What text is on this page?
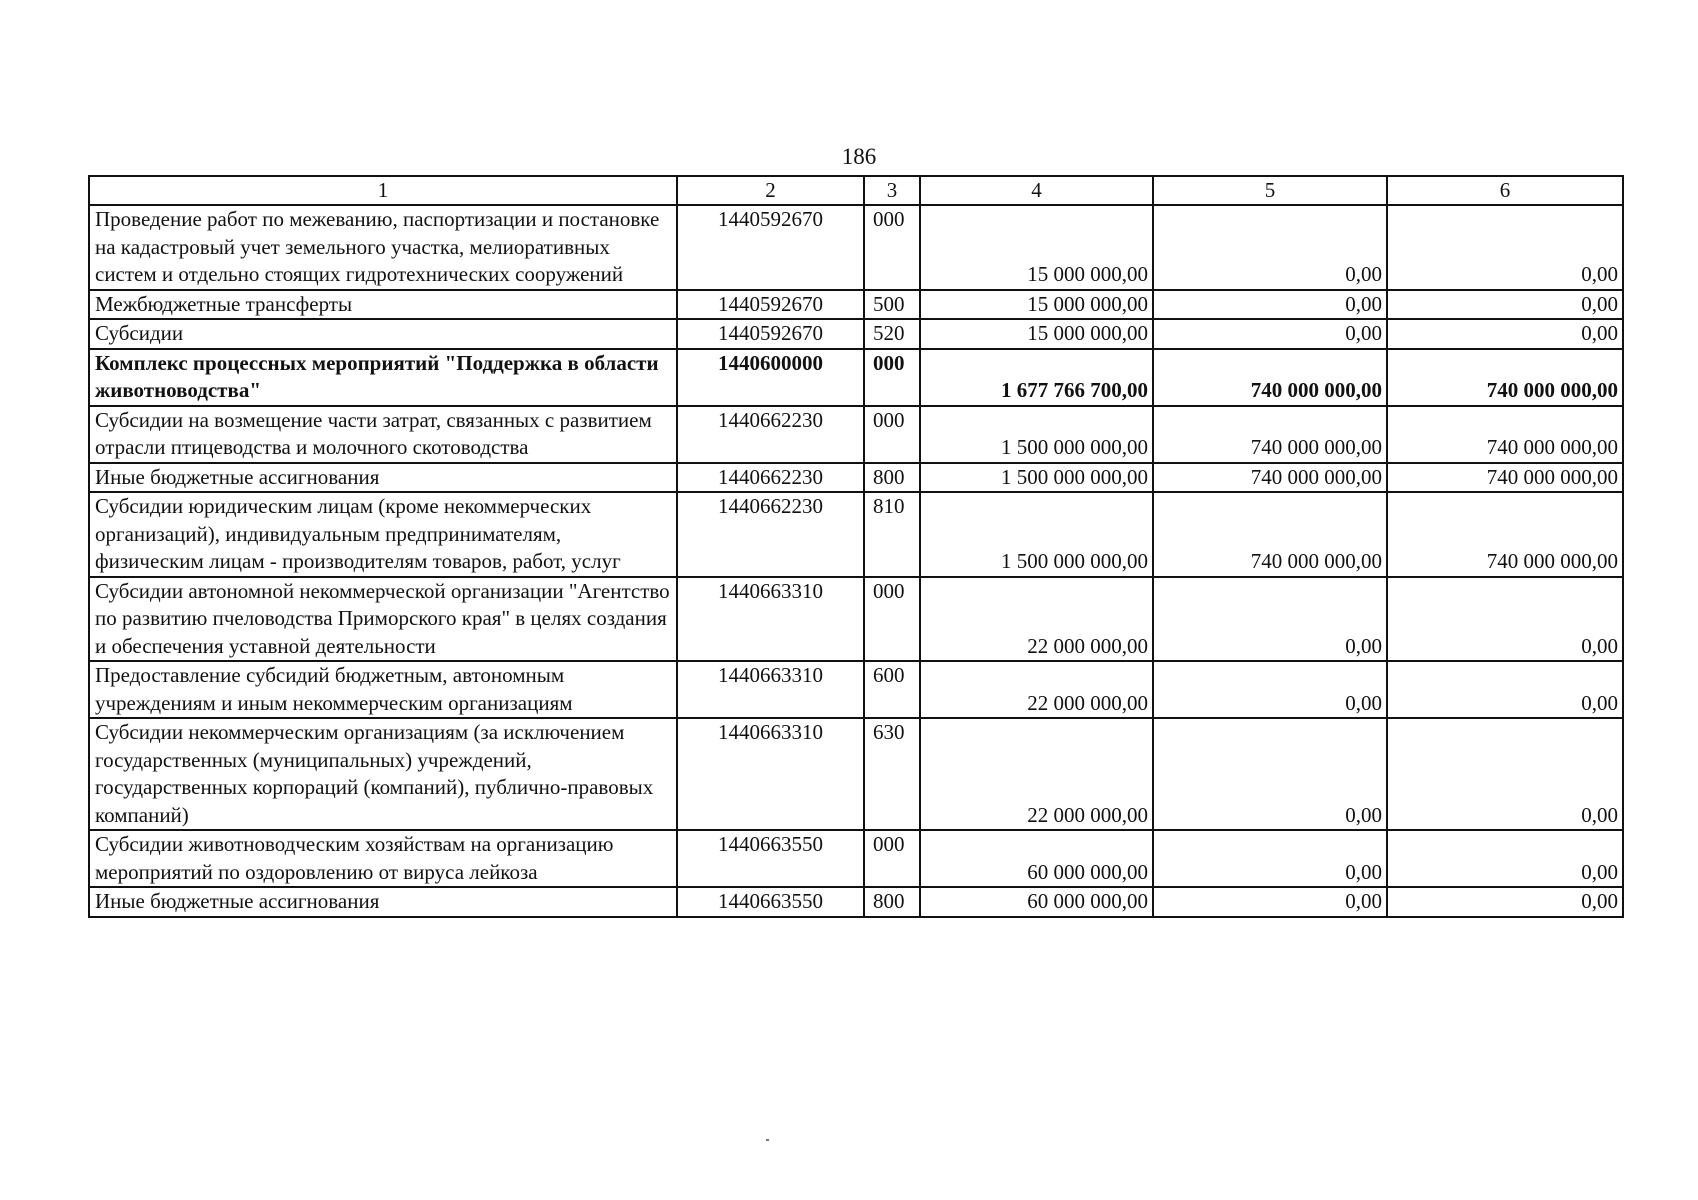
186
1	2	3	4	5	6
Проведение работ по межеванию, паспортизации и постановке на кадастровый учет земельного участка, мелиоративных систем и отдельно стоящих гидротехнических сооружений	1440592670	000	15 000 000,00	0,00	0,00
Межбюджетные трансферты	1440592670	500	15 000 000,00	0,00	0,00
Субсидии	1440592670	520	15 000 000,00	0,00	0,00
Комплекс процессных мероприятий "Поддержка в области животноводства"	1440600000	000	1 677 766 700,00	740 000 000,00	740 000 000,00
Субсидии на возмещение части затрат, связанных с развитием отрасли птицеводства и молочного скотоводства	1440662230	000	1 500 000 000,00	740 000 000,00	740 000 000,00
Иные бюджетные ассигнования	1440662230	800	1 500 000 000,00	740 000 000,00	740 000 000,00
Субсидии юридическим лицам (кроме некоммерческих организаций), индивидуальным предпринимателям, физическим лицам - производителям товаров, работ, услуг	1440662230	810	1 500 000 000,00	740 000 000,00	740 000 000,00
Субсидии автономной некоммерческой организации "Агентство по развитию пчеловодства Приморского края" в целях создания и обеспечения уставной деятельности	1440663310	000	22 000 000,00	0,00	0,00
Предоставление субсидий бюджетным, автономным учреждениям и иным некоммерческим организациям	1440663310	600	22 000 000,00	0,00	0,00
Субсидии некоммерческим организациям (за исключением государственных (муниципальных) учреждений, государственных корпораций (компаний), публично-правовых компаний)	1440663310	630	22 000 000,00	0,00	0,00
Субсидии животноводческим хозяйствам на организацию мероприятий по оздоровлению от вируса лейкоза	1440663550	000	60 000 000,00	0,00	0,00
Иные бюджетные ассигнования	1440663550	800	60 000 000,00	0,00	0,00
